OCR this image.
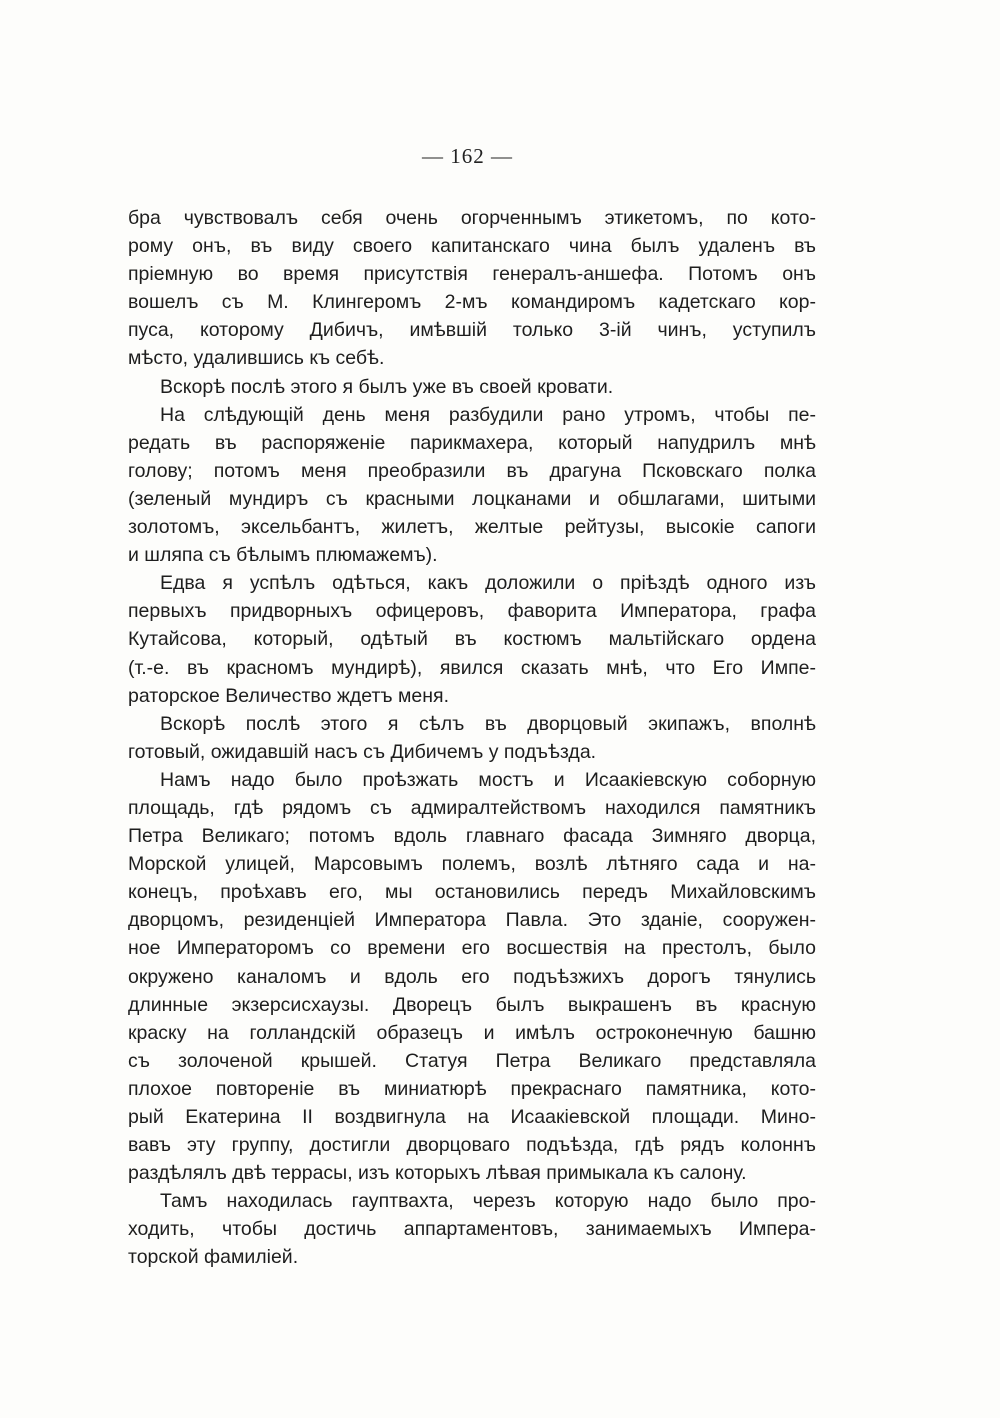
— 162 —
бра чувствовалъ себя очень огорченнымъ этикетомъ, по кото-
рому онъ, въ виду своего капитанскаго чина былъ удаленъ въ
прiемную во время присутствiя генералъ-аншефа. Потомъ онъ
вошелъ съ М. Клингеромъ 2-мъ командиромъ кадетскаго кор-
пуса, которому Дибичъ, имѣвшiй только 3-iй чинъ, уступилъ
мѣсто, удалившись къ себѣ.
Вскорѣ послѣ этого я былъ уже въ своей кровати.
На слѣдующiй день меня разбудили рано утромъ, чтобы пе-
редать въ распоряженiе парикмахера, который напудрилъ мнѣ
голову; потомъ меня преобразили въ драгуна Псковскаго полка
(зеленый мундиръ съ красными лоцканами и обшлагами, шитыми
золотомъ, эксельбантъ, жилетъ, желтые рейтузы, высокiе сапоги
и шляпа съ бѣлымъ плюмажемъ).
Едва я успѣлъ одѣться, какъ доложили о прiѣздѣ одного изъ
первыхъ придворныхъ офицеровъ, фаворита Императора, графа
Кутайсова, который, одѣтый въ костюмъ мальтiйскаго ордена
(т.-е. въ красномъ мундирѣ), явился сказать мнѣ, что Его Импе-
раторское Величество ждетъ меня.
Вскорѣ послѣ этого я сѣлъ въ дворцовый экипажъ, вполнѣ
готовый, ожидавшiй насъ съ Дибичемъ у подъѣзда.
Намъ надо было проѣзжать мостъ и Исаакiевскую соборную
площадь, гдѣ рядомъ съ адмиралтействомъ находился памятникъ
Петра Великаго; потомъ вдоль главнаго фасада Зимняго дворца,
Морской улицей, Марсовымъ полемъ, возлѣ лѣтняго сада и на-
конецъ, проѣхавъ его, мы остановились передъ Михайловскимъ
дворцомъ, резиденцiей Императора Павла. Это зданiе, сооружен-
ное Императоромъ со времени его восшествiя на престолъ, было
окружено каналомъ и вдоль его подъѣзжихъ дорогъ тянулись
длинные экзерсисхаузы. Дворецъ былъ выкрашенъ въ красную
краску на голландскiй образецъ и имѣлъ остроконечную башню
съ золоченой крышей. Статуя Петра Великаго представляла
плохое повторенiе въ миниатюрѣ прекраснаго памятника, кото-
рый Екатерина II воздвигнула на Исаакiевской площади. Мино-
вавъ эту группу, достигли дворцоваго подъѣзда, гдѣ рядъ колоннъ
раздѣлялъ двѣ террасы, изъ которыхъ лѣвая примыкала къ салону.
Тамъ находилась гауптвахта, черезъ которую надо было про-
ходить, чтобы достичь аппартаментовъ, занимаемыхъ Импера-
торской фамилiей.
